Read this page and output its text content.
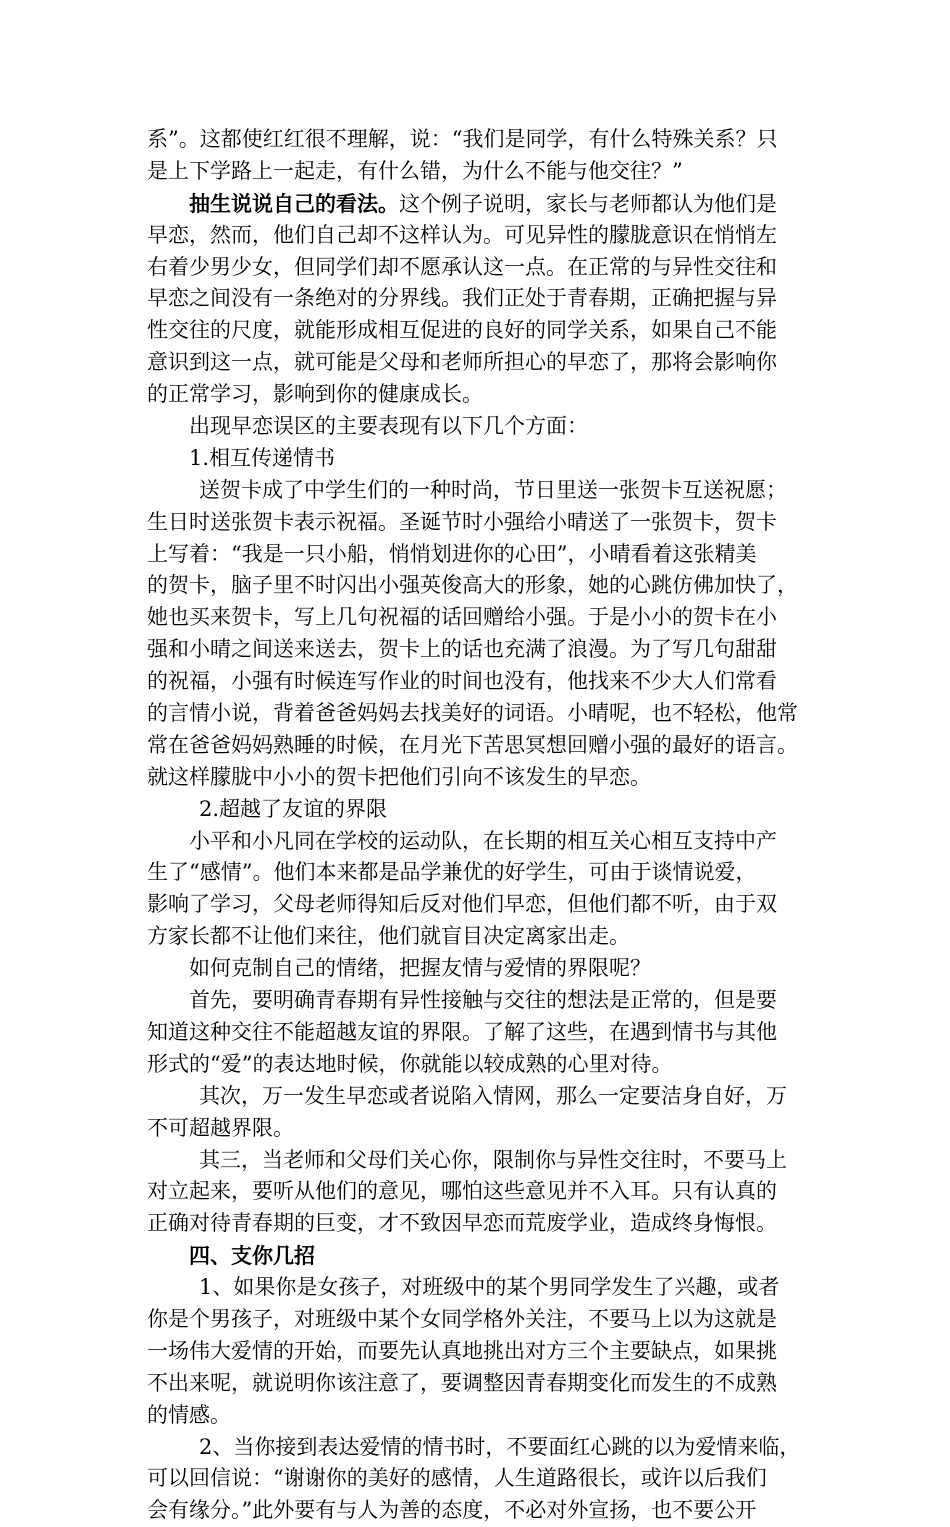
系”。这都使红红很不理解，说：“我们是同学，有什么特殊关系？只
是上下学路上一起走，有什么错，为什么不能与他交往？”
抽生说说自己的看法。这个例子说明，家长与老师都认为他们是
早恋，然而，他们自己却不这样认为。可见异性的朦胧意识在悄悄左
右着少男少女，但同学们却不愿承认这一点。在正常的与异性交往和
早恋之间没有一条绝对的分界线。我们正处于青春期，正确把握与异
性交往的尺度，就能形成相互促进的良好的同学关系，如果自己不能
意识到这一点，就可能是父母和老师所担心的早恋了，那将会影响你
的正常学习，影响到你的健康成长。
出现早恋误区的主要表现有以下几个方面：
1.相互传递情书
送贺卡成了中学生们的一种时尚，节日里送一张贺卡互送祝愿；
生日时送张贺卡表示祝福。圣诞节时小强给小晴送了一张贺卡，贺卡
上写着：“我是一只小船，悄悄划进你的心田”，小晴看着这张精美
的贺卡，脑子里不时闪出小强英俊高大的形象，她的心跳仿佛加快了，
她也买来贺卡，写上几句祝福的话回赠给小强。于是小小的贺卡在小
强和小晴之间送来送去，贺卡上的话也充满了浪漫。为了写几句甜甜
的祝福，小强有时候连写作业的时间也没有，他找来不少大人们常看
的言情小说，背着爸爸妈妈去找美好的词语。小晴呢，也不轻松，他常
常在爸爸妈妈熟睡的时候，在月光下苦思冥想回赠小强的最好的语言。
就这样朦胧中小小的贺卡把他们引向不该发生的早恋。
2.超越了友谊的界限
小平和小凡同在学校的运动队，在长期的相互关心相互支持中产
生了“感情”。他们本来都是品学兼优的好学生，可由于谈情说爱，
影响了学习，父母老师得知后反对他们早恋，但他们都不听，由于双
方家长都不让他们来往，他们就盲目决定离家出走。
如何克制自己的情绪，把握友情与爱情的界限呢？
首先，要明确青春期有异性接触与交往的想法是正常的，但是要
知道这种交往不能超越友谊的界限。了解了这些，在遇到情书与其他
形式的“爱”的表达地时候，你就能以较成熟的心里对待。
其次，万一发生早恋或者说陷入情网，那么一定要洁身自好，万
不可超越界限。
其三，当老师和父母们关心你，限制你与异性交往时，不要马上
对立起来，要听从他们的意见，哪怕这些意见并不入耳。只有认真的
正确对待青春期的巨变，才不致因早恋而荒废学业，造成终身悔恨。
四、支你几招
1、如果你是女孩子，对班级中的某个男同学发生了兴趣，或者
你是个男孩子，对班级中某个女同学格外关注，不要马上以为这就是
一场伟大爱情的开始，而要先认真地挑出对方三个主要缺点，如果挑
不出来呢，就说明你该注意了，要调整因青春期变化而发生的不成熟
的情感。
2、当你接到表达爱情的情书时，不要面红心跳的以为爱情来临，
可以回信说：“谢谢你的美好的感情，人生道路很长，或许以后我们
会有缘分。”此外要有与人为善的态度，不必对外宣扬，也不要公开
